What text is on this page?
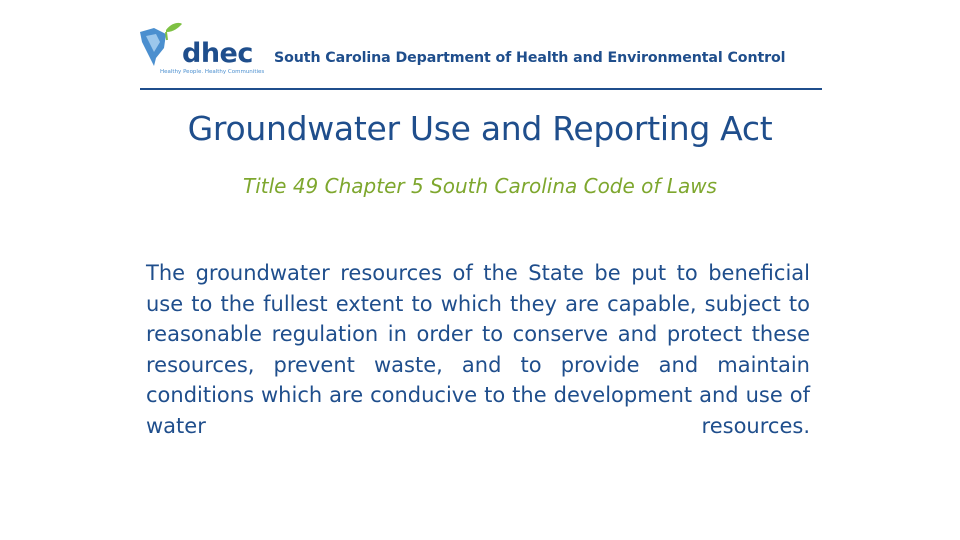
dhec
Healthy People. Healthy Communities
South Carolina Department of Health and Environmental Control
Groundwater Use and Reporting Act
Title 49 Chapter 5 South Carolina Code of Laws

The groundwater resources of the State be put to beneficial use to the fullest extent to which they are capable, subject to reasonable regulation in order to conserve and protect these resources, prevent waste, and to provide and maintain conditions which are conducive to the development and use of water resources.
